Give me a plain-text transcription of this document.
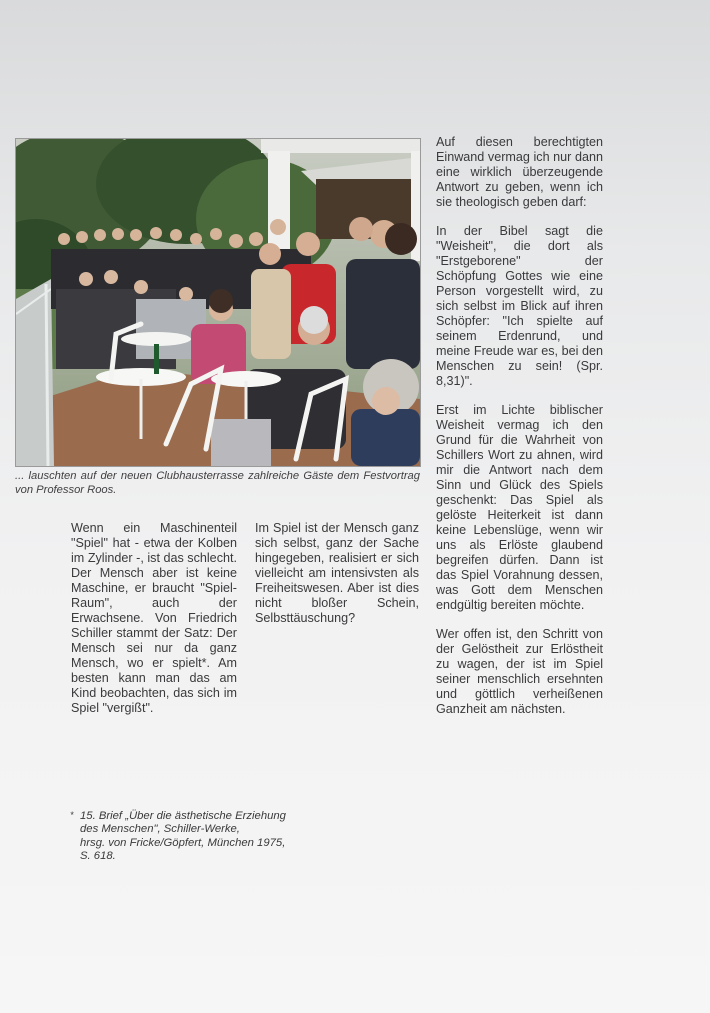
... lauschten auf der neuen Clubhausterrasse zahlreiche Gäste dem Festvortrag von Professor Roos.

Wenn ein Maschinenteil "Spiel" hat - etwa der Kolben im Zylinder -, ist das schlecht. Der Mensch aber ist keine Maschine, er braucht "Spiel-Raum", auch der Erwachsene. Von Friedrich Schiller stammt der Satz: Der Mensch sei nur da ganz Mensch, wo er spielt*. Am besten kann man das am Kind beobachten, das sich im Spiel "vergißt".

Im Spiel ist der Mensch ganz sich selbst, ganz der Sache hingegeben, realisiert er sich vielleicht am intensivsten als Freiheitswesen. Aber ist dies nicht bloßer Schein, Selbsttäuschung?

Auf diesen berechtigten Einwand vermag ich nur dann eine wirklich überzeugende Antwort zu geben, wenn ich sie theologisch geben darf:

In der Bibel sagt die "Weisheit", die dort als "Erstgeborene" der Schöpfung Gottes wie eine Person vorgestellt wird, zu sich selbst im Blick auf ihren Schöpfer: "Ich spielte auf seinem Erdenrund, und meine Freude war es, bei den Menschen zu sein! (Spr. 8,31)".

Erst im Lichte biblischer Weisheit vermag ich den Grund für die Wahrheit von Schillers Wort zu ahnen, wird mir die Antwort nach dem Sinn und Glück des Spiels geschenkt: Das Spiel als gelöste Heiterkeit ist dann keine Lebenslüge, wenn wir uns als Erlöste glaubend begreifen dürfen. Dann ist das Spiel Vorahnung dessen, was Gott dem Menschen endgültig bereiten möchte.

Wer offen ist, den Schritt von der Gelöstheit zur Erlöstheit zu wagen, der ist im Spiel seiner menschlich ersehnten und göttlich verheißenen Ganzheit am nächsten.

* 15. Brief „Über die ästhetische Erziehung
des Menschen", Schiller-Werke,
hrsg. von Fricke/Göpfert, München 1975,
S. 618.
